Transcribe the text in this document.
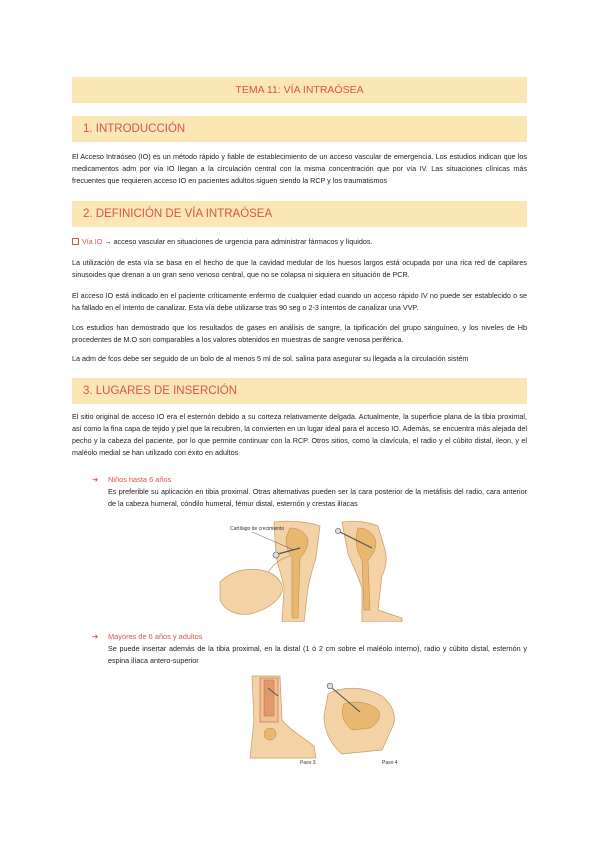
TEMA 11: VÍA INTRAÓSEA
1. INTRODUCCIÓN
El Acceso Intraóseo (IO) es un método rápido y fiable de establecimiento de un acceso vascular de emergencia. Los estudios indican que los medicamentos adm por vía IO llegan a la circulación central con la misma concentración que por vía IV. Las situaciones clínicas más frecuentes que requieren acceso IO en pacientes adultos siguen siendo la RCP y los traumatismos
2. DEFINICIÓN DE VÍA INTRAÓSEA
Vía IO → acceso vascular en situaciones de urgencia para administrar fármacos y líquidos.
La utilización de esta vía se basa en el hecho de que la cavidad medular de los huesos largos está ocupada por una rica red de capilares sinusoides que drenan a un gran seno venoso central, que no se colapsa ni siquiera en situación de PCR.
El acceso IO está indicado en el paciente críticamente enfermo de cualquier edad cuando un acceso rápido IV no puede ser establecido o se ha fallado en el intento de canalizar. Esta vía debe utilizarse tras 90 seg o 2-3 intentos de canalizar una VVP.
Los estudios han demostrado que los resultados de gases en análisis de sangre, la tipificación del grupo sanguíneo, y los niveles de Hb procedentes de M.O son comparables a los valores obtenidos en muestras de sangre venosa periférica.
La adm de fcos debe ser seguido de un bolo de al menos 5 ml de sol. salina para asegurar su llegada a la circulación sistém
3. LUGARES DE INSERCIÓN
El sitio original de acceso IO era el esternón debido a su corteza relativamente delgada. Actualmente, la superficie plana de la tibia proximal, así como la fina capa de tejido y piel que la recubren, la convierten en un lugar ideal para el acceso IO. Además, se encuentra más alejada del pecho y la cabeza del paciente, por lo que permite continuar con la RCP. Otros sitios, como la clavícula, el radio y el cúbito distal, ileon, y el maléolo medial se han utilizado con éxito en adultos
➔ Niños hasta 6 años
Es preferible su aplicación en tibia proximal. Otras alternativas pueden ser la cara posterior de la metáfisis del radio, cara anterior de la cabeza humeral, cóndilo humeral, fémur distal, esternón y crestas ilíacas
Cartílago de crecimiento
➔ Mayores de 6 años y adultos
Se puede insertar además de la tibia proximal, en la distal (1 ó 2 cm sobre el maléolo interno), radio y cúbito distal, esternón y espina ilíaca antero-superior
Paso 3	Paso 4
